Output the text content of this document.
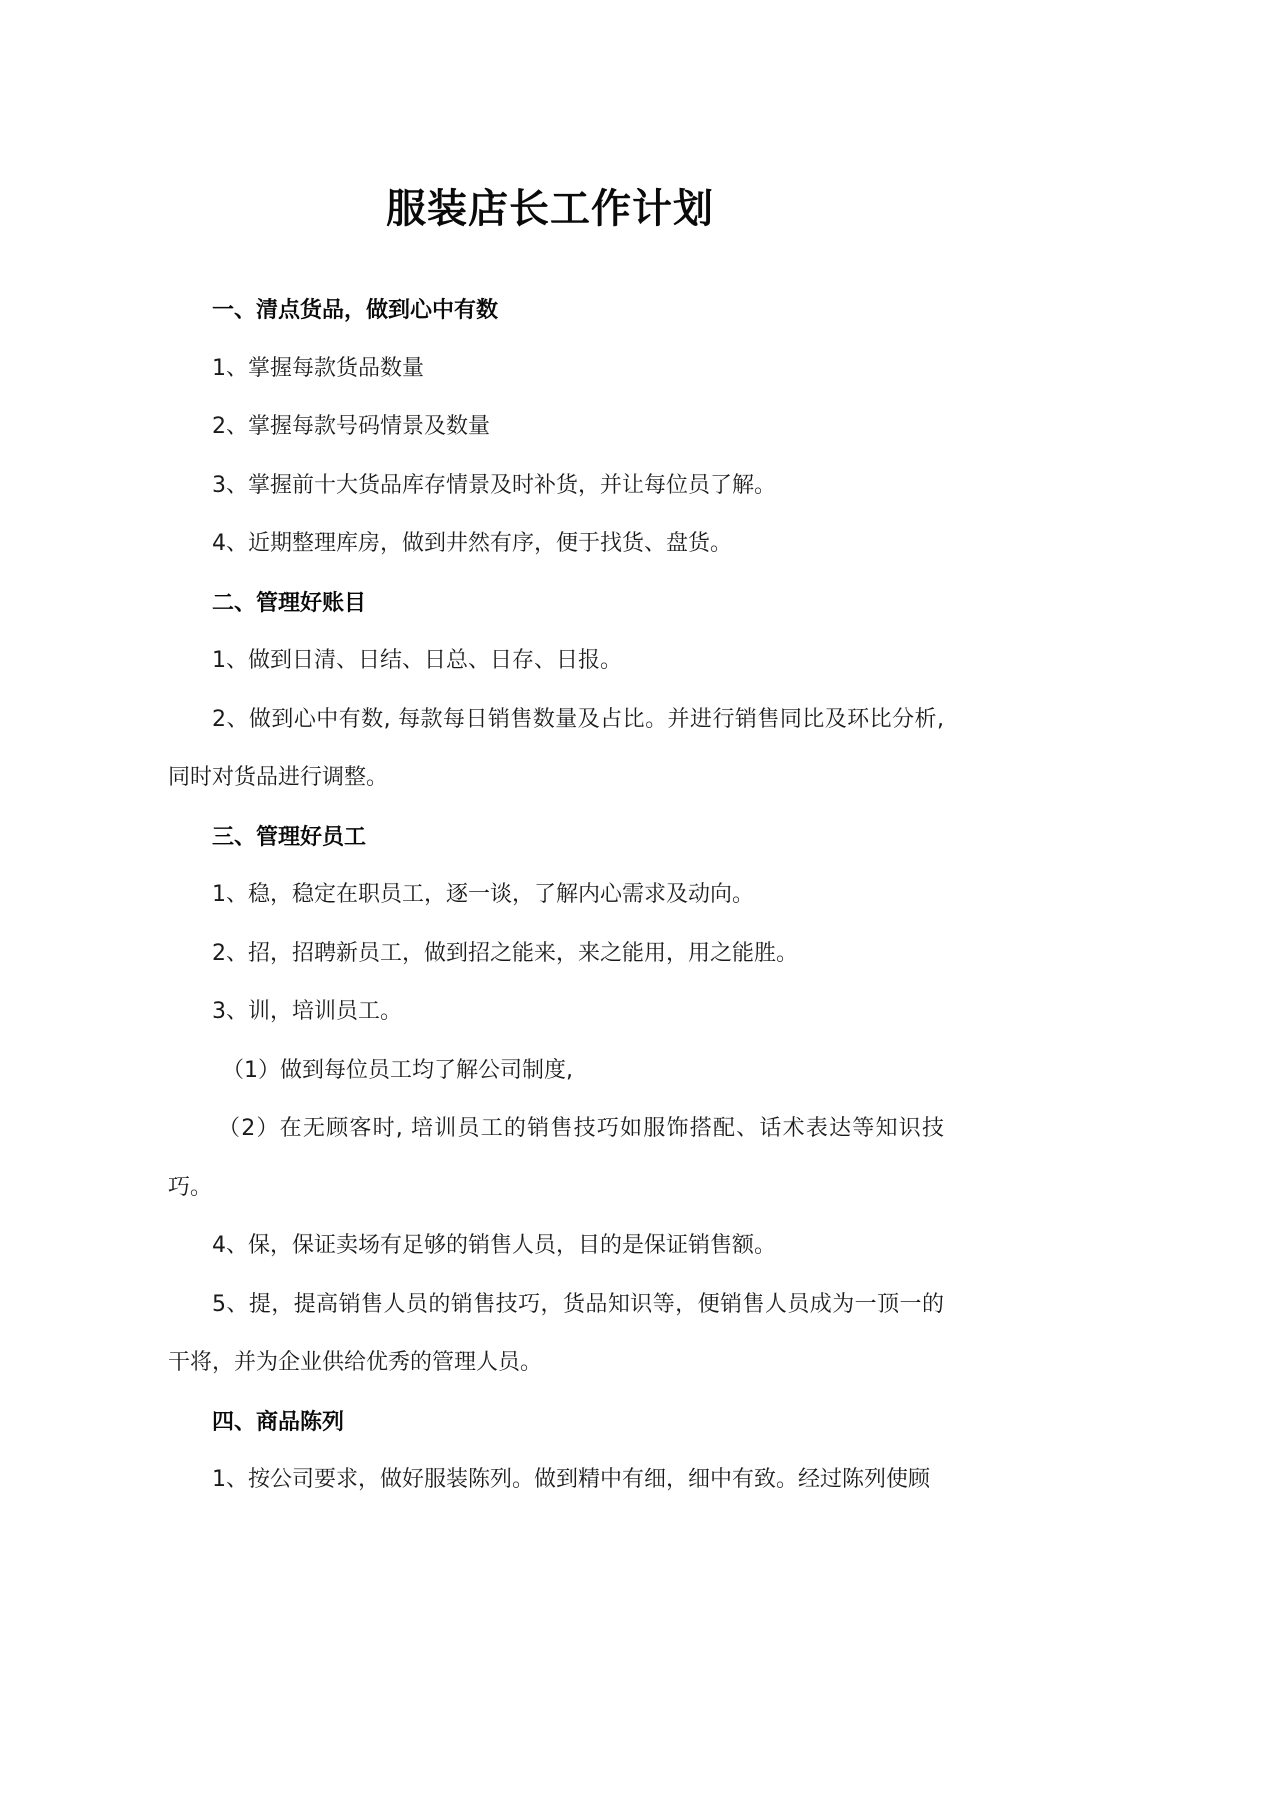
服装店长工作计划

一、清点货品，做到心中有数

1、掌握每款货品数量

2、掌握每款号码情景及数量

3、掌握前十大货品库存情景及时补货，并让每位员了解。

4、近期整理库房，做到井然有序，便于找货、盘货。

二、管理好账目

1、做到日清、日结、日总、日存、日报。

2、做到心中有数, 每款每日销售数量及占比。并进行销售同比及环比分析, 同时对货品进行调整。

三、管理好员工

1、稳，稳定在职员工，逐一谈，了解内心需求及动向。

2、招，招聘新员工，做到招之能来，来之能用，用之能胜。

3、训，培训员工。

（1）做到每位员工均了解公司制度,

（2）在无顾客时, 培训员工的销售技巧如服饰搭配、话术表达等知识技巧。

4、保，保证卖场有足够的销售人员，目的是保证销售额。

5、提，提高销售人员的销售技巧，货品知识等，便销售人员成为一顶一的干将，并为企业供给优秀的管理人员。

四、商品陈列

1、按公司要求，做好服装陈列。做到精中有细，细中有致。经过陈列使顾
